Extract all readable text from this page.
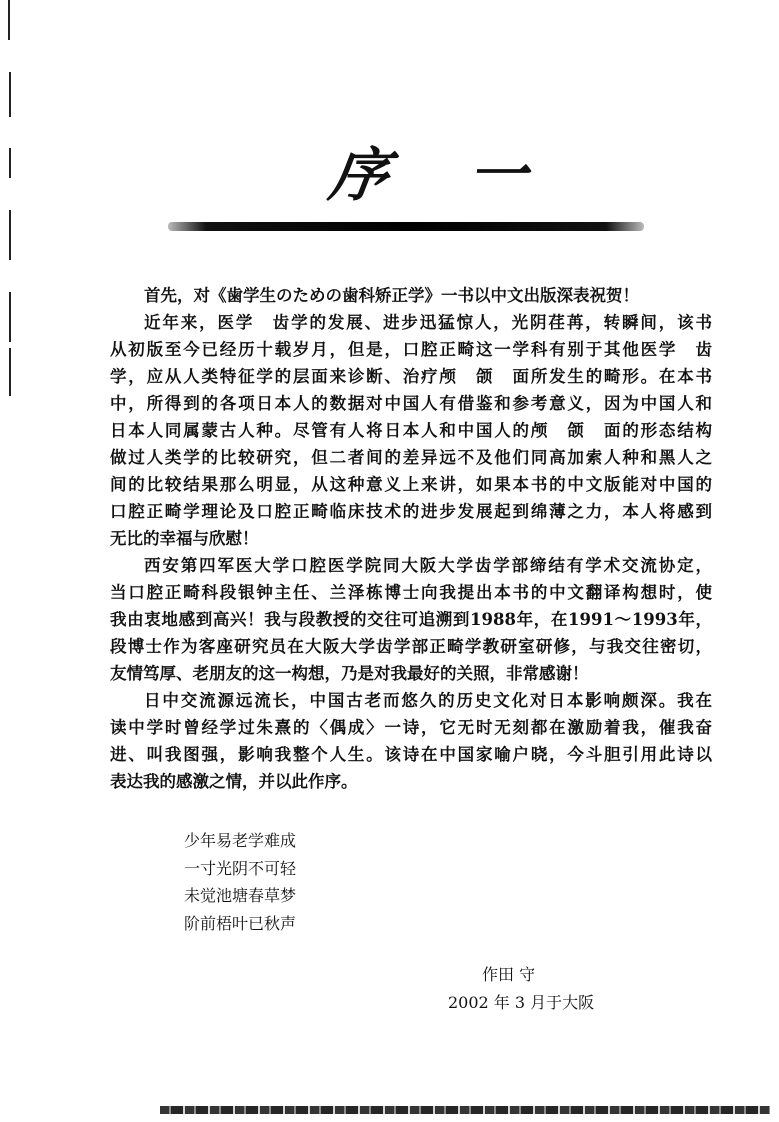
序 一
首先，对《歯学生のための歯科矫正学》一书以中文出版深表祝贺！
近年来，医学　齿学的发展、进步迅猛惊人，光阴荏苒，转瞬间，该书
从初版至今已经历十载岁月，但是，口腔正畸这一学科有别于其他医学　齿
学，应从人类特征学的层面来诊断、治疗颅　颌　面所发生的畸形。在本书
中，所得到的各项日本人的数据对中国人有借鉴和参考意义，因为中国人和
日本人同属蒙古人种。尽管有人将日本人和中国人的颅　颌　面的形态结构
做过人类学的比较研究，但二者间的差异远不及他们同高加索人种和黑人之
间的比较结果那么明显，从这种意义上来讲，如果本书的中文版能对中国的
口腔正畸学理论及口腔正畸临床技术的进步发展起到绵薄之力，本人将感到
无比的幸福与欣慰！
西安第四军医大学口腔医学院同大阪大学齿学部缔结有学术交流协定，
当口腔正畸科段银钟主任、兰泽栋博士向我提出本书的中文翻译构想时，使
我由衷地感到高兴！我与段教授的交往可追溯到1988年，在1991～1993年，
段博士作为客座研究员在大阪大学齿学部正畸学教研室研修，与我交往密切，
友情笃厚、老朋友的这一构想，乃是对我最好的关照，非常感谢！
日中交流源远流长，中国古老而悠久的历史文化对日本影响颇深。我在
读中学时曾经学过朱熹的〈偶成〉一诗，它无时无刻都在激励着我，催我奋
进、叫我图强，影响我整个人生。该诗在中国家喻户晓，今斗胆引用此诗以
表达我的感激之情，并以此作序。
少年易老学难成
一寸光阴不可轻
未觉池塘春草梦
阶前梧叶已秋声
作田 守
2002 年 3 月于大阪
